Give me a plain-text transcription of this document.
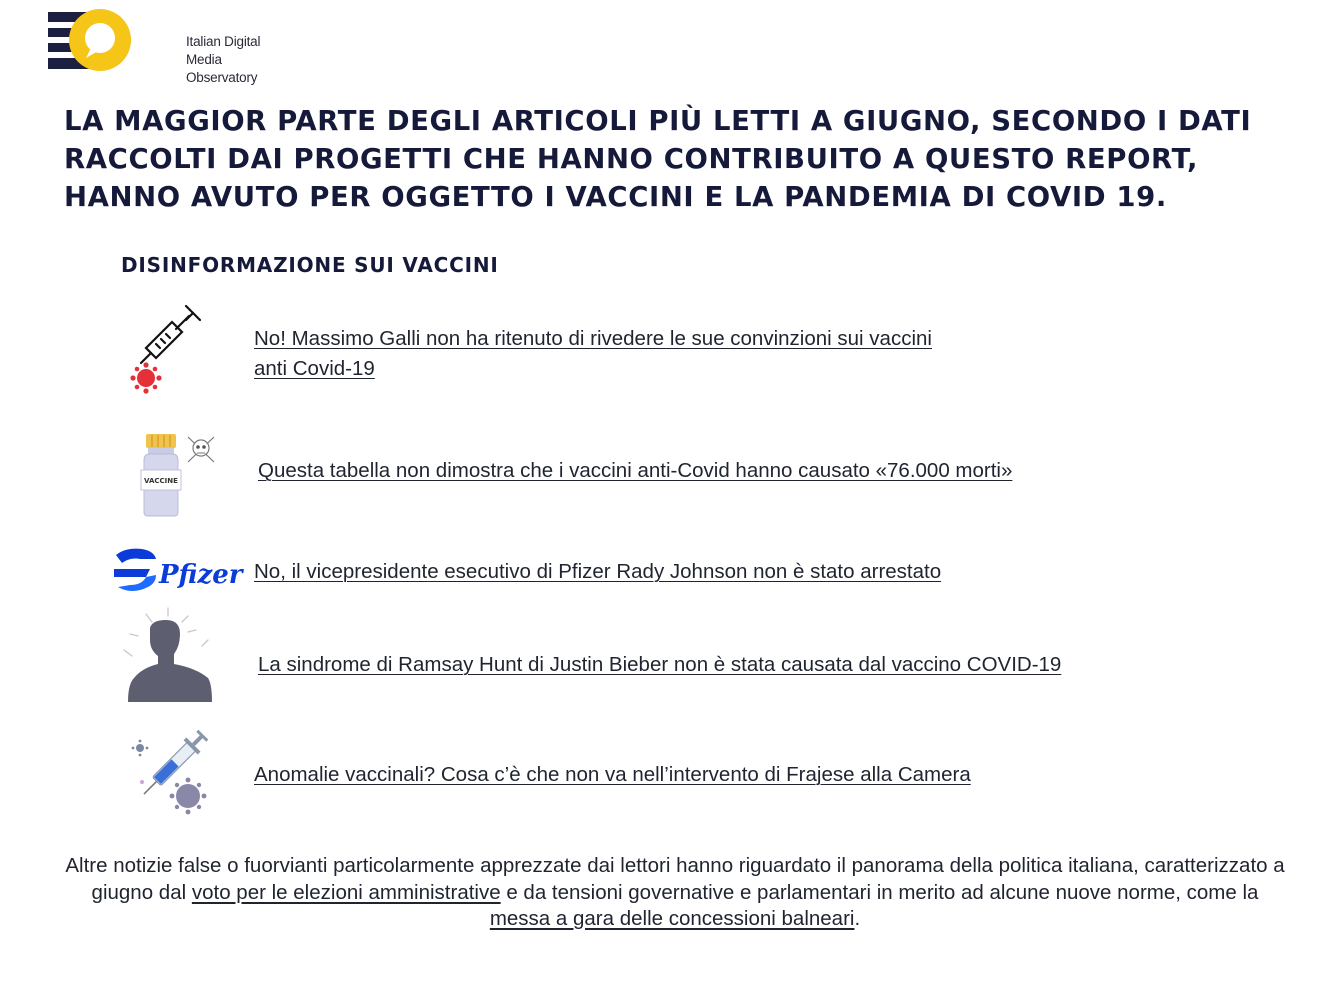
Italian Digital
Media Observatory
LA MAGGIOR PARTE DEGLI ARTICOLI PIÙ LETTI A GIUGNO, SECONDO I DATI RACCOLTI DAI PROGETTI CHE HANNO CONTRIBUITO A QUESTO REPORT, HANNO AVUTO PER OGGETTO I VACCINI E LA PANDEMIA DI COVID 19.
DISINFORMAZIONE SUI VACCINI
No! Massimo Galli non ha ritenuto di rivedere le sue convinzioni sui vaccini
anti Covid-19
VACCINE	Questa tabella non dimostra che i vaccini anti-Covid hanno causato «76.000 morti»
Pfizer No, il vicepresidente esecutivo di Pfizer Rady Johnson non è stato arrestato
La sindrome di Ramsay Hunt di Justin Bieber non è stata causata dal vaccino COVID-19
Anomalie vaccinali? Cosa c’è che non va nell’intervento di Frajese alla Camera

Altre notizie false o fuorvianti particolarmente apprezzate dai lettori hanno riguardato il panorama della politica italiana, caratterizzato a giugno dal voto per le elezioni amministrative e da tensioni governative e parlamentari in merito ad alcune nuove norme, come la messa a gara delle concessioni balneari.
